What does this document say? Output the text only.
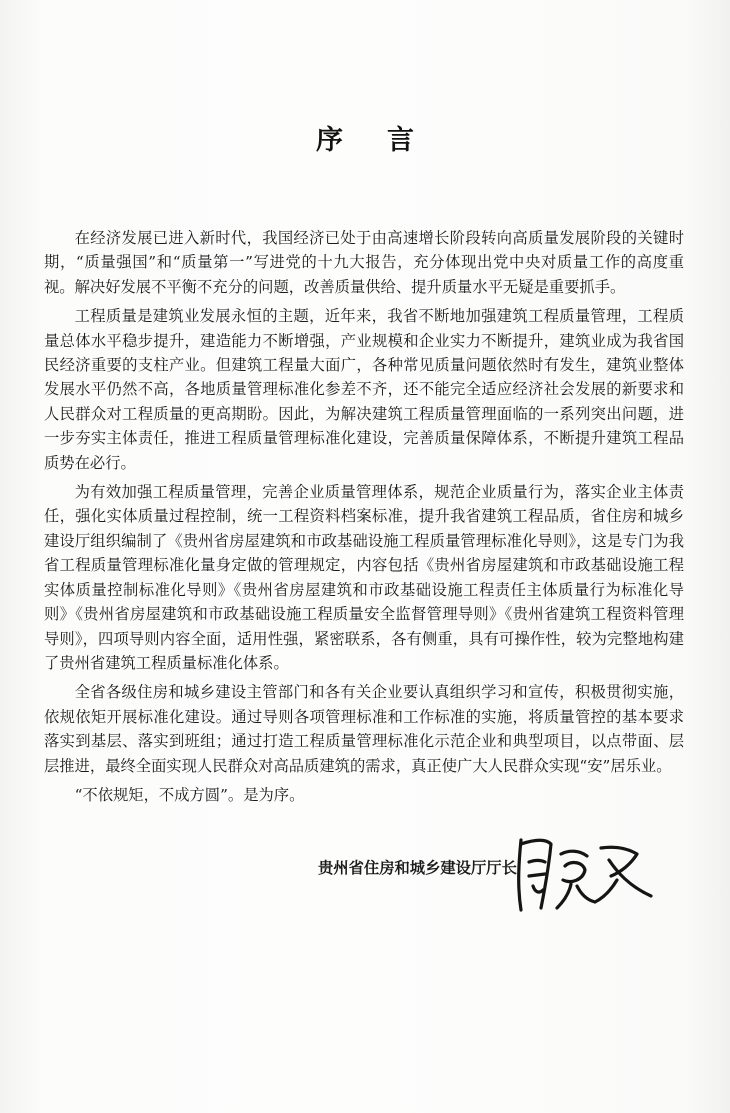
序言

在经济发展已进入新时代，我国经济已处于由高速增长阶段转向高质量发展阶段的关键时期，“质量强国”和“质量第一”写进党的十九大报告，充分体现出党中央对质量工作的高度重视。解决好发展不平衡不充分的问题，改善质量供给、提升质量水平无疑是重要抓手。

工程质量是建筑业发展永恒的主题，近年来，我省不断地加强建筑工程质量管理，工程质量总体水平稳步提升，建造能力不断增强，产业规模和企业实力不断提升，建筑业成为我省国民经济重要的支柱产业。但建筑工程量大面广，各种常见质量问题依然时有发生，建筑业整体发展水平仍然不高，各地质量管理标准化参差不齐，还不能完全适应经济社会发展的新要求和人民群众对工程质量的更高期盼。因此，为解决建筑工程质量管理面临的一系列突出问题，进一步夯实主体责任，推进工程质量管理标准化建设，完善质量保障体系，不断提升建筑工程品质势在必行。

为有效加强工程质量管理，完善企业质量管理体系，规范企业质量行为，落实企业主体责任，强化实体质量过程控制，统一工程资料档案标准，提升我省建筑工程品质，省住房和城乡建设厅组织编制了《贵州省房屋建筑和市政基础设施工程质量管理标准化导则》，这是专门为我省工程质量管理标准化量身定做的管理规定，内容包括《贵州省房屋建筑和市政基础设施工程实体质量控制标准化导则》《贵州省房屋建筑和市政基础设施工程责任主体质量行为标准化导则》《贵州省房屋建筑和市政基础设施工程质量安全监督管理导则》《贵州省建筑工程资料管理导则》，四项导则内容全面，适用性强，紧密联系，各有侧重，具有可操作性，较为完整地构建了贵州省建筑工程质量标准化体系。

全省各级住房和城乡建设主管部门和各有关企业要认真组织学习和宣传，积极贯彻实施，依规依矩开展标准化建设。通过导则各项管理标准和工作标准的实施，将质量管控的基本要求落实到基层、落实到班组；通过打造工程质量管理标准化示范企业和典型项目，以点带面、层层推进，最终全面实现人民群众对高品质建筑的需求，真正使广大人民群众实现“安”居乐业。

“不依规矩，不成方圆”。是为序。

贵州省住房和城乡建设厅厅长
